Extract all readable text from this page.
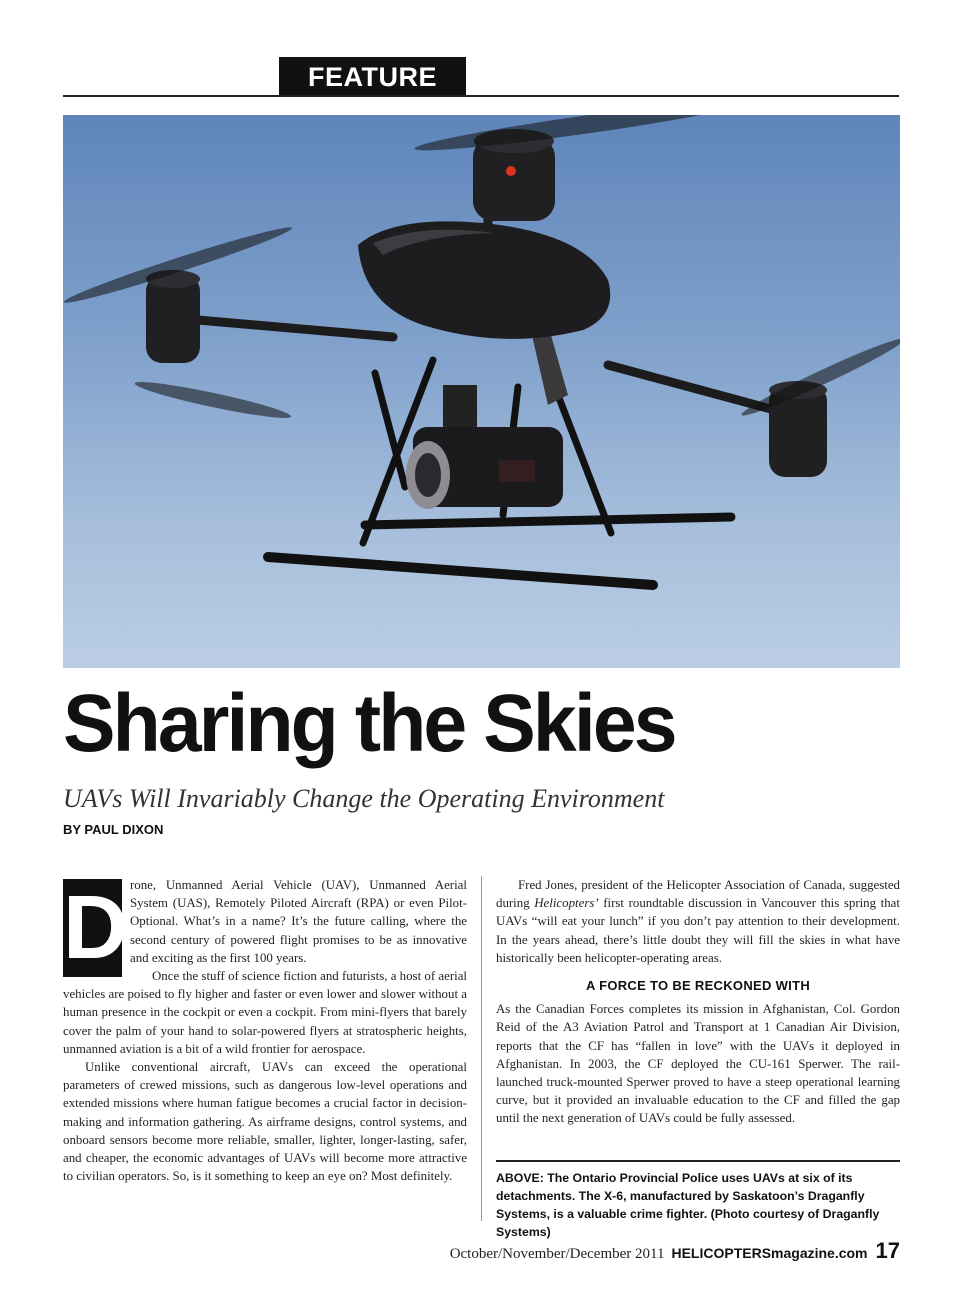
FEATURE
Sharing the Skies
UAVs Will Invariably Change the Operating Environment
BY PAUL DIXON
D rone, Unmanned Aerial Vehicle (UAV), Unmanned Aerial System (UAS), Remotely Piloted Aircraft (RPA) or even Pilot-Optional. What’s in a name? It’s the future calling, where the second century of powered flight promises to be as innovative and exciting as the first 100 years.

Once the stuff of science fiction and futurists, a host of aerial vehicles are poised to fly higher and faster or even lower and slower without a human presence in the cockpit or even a cockpit. From mini-flyers that barely cover the palm of your hand to solar-powered flyers at stratospheric heights, unmanned aviation is a bit of a wild frontier for aerospace.

Unlike conventional aircraft, UAVs can exceed the operational parameters of crewed missions, such as dangerous low-level operations and extended missions where human fatigue becomes a crucial factor in decision-making and information gathering. As airframe designs, control systems, and onboard sensors become more reliable, smaller, lighter, longer-lasting, safer, and cheaper, the economic advantages of UAVs will become more attractive to civilian operators. So, is it something to keep an eye on? Most definitely.

Fred Jones, president of the Helicopter Association of Canada, suggested during Helicopters’ first roundtable discussion in Vancouver this spring that UAVs “will eat your lunch” if you don’t pay attention to their development. In the years ahead, there’s little doubt they will fill the skies in what have historically been helicopter-operating areas.

A FORCE TO BE RECKONED WITH

As the Canadian Forces completes its mission in Afghanistan, Col. Gordon Reid of the A3 Aviation Patrol and Transport at 1 Canadian Air Division, reports that the CF has “fallen in love” with the UAVs it deployed in Afghanistan. In 2003, the CF deployed the CU-161 Sperwer. The rail-launched truck-mounted Sperwer proved to have a steep operational learning curve, but it provided an invaluable education to the CF and filled the gap until the next generation of UAVs could be fully assessed.

ABOVE: The Ontario Provincial Police uses UAVs at six of its detachments. The X-6, manufactured by Saskatoon’s Draganfly Systems, is a valuable crime fighter. (Photo courtesy of Draganfly Systems)
October/November/December 2011 HELICOPTERSmagazine.com 17
